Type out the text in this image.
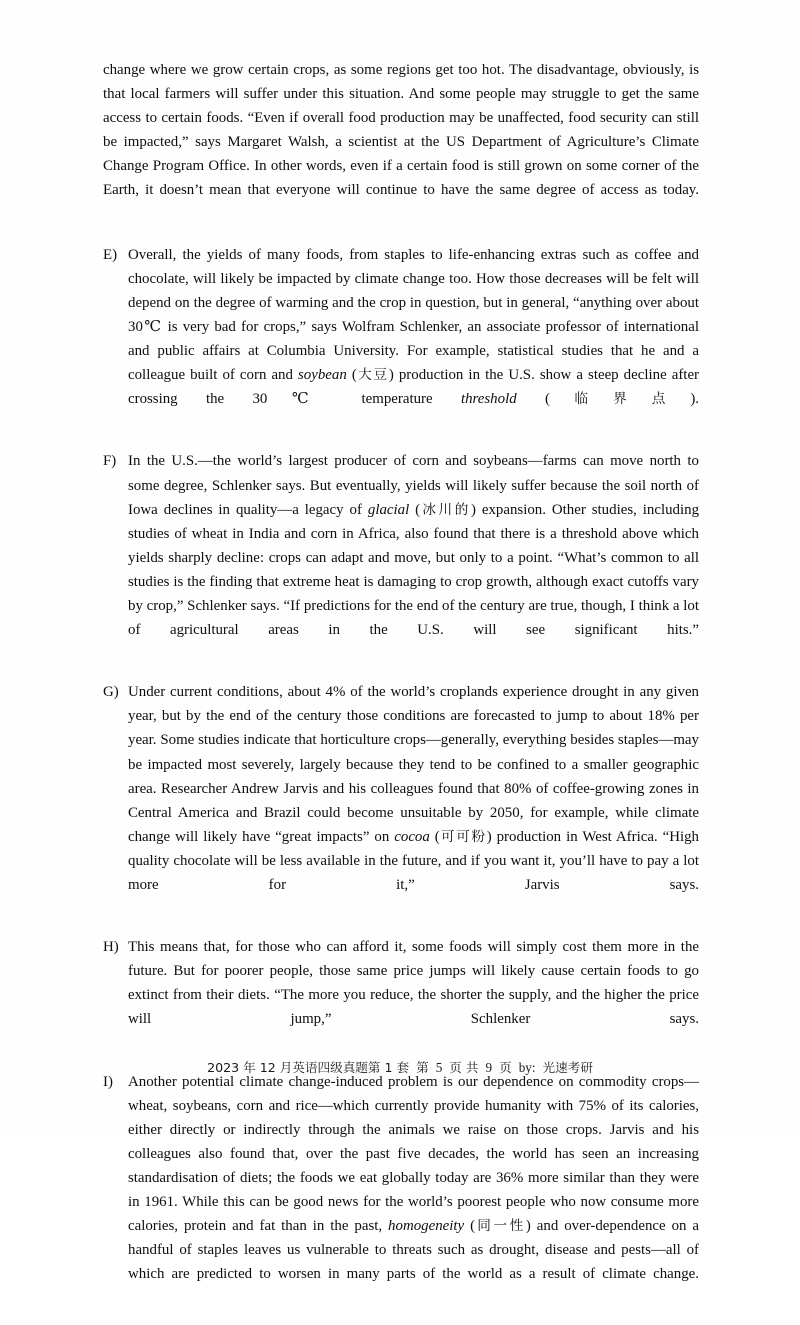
change where we grow certain crops, as some regions get too hot. The disadvantage, obviously, is that local farmers will suffer under this situation. And some people may struggle to get the same access to certain foods. “Even if overall food production may be unaffected, food security can still be impacted,” says Margaret Walsh, a scientist at the US Department of Agriculture’s Climate Change Program Office. In other words, even if a certain food is still grown on some corner of the Earth, it doesn’t mean that everyone will continue to have the same degree of access as today.
E) Overall, the yields of many foods, from staples to life-enhancing extras such as coffee and chocolate, will likely be impacted by climate change too. How those decreases will be felt will depend on the degree of warming and the crop in question, but in general, “anything over about 30℃ is very bad for crops,” says Wolfram Schlenker, an associate professor of international and public affairs at Columbia University. For example, statistical studies that he and a colleague built of corn and soybean (大豆) production in the U.S. show a steep decline after crossing the 30℃ temperature threshold (临界点).
F) In the U.S.—the world’s largest producer of corn and soybeans—farms can move north to some degree, Schlenker says. But eventually, yields will likely suffer because the soil north of Iowa declines in quality—a legacy of glacial (冰川的) expansion. Other studies, including studies of wheat in India and corn in Africa, also found that there is a threshold above which yields sharply decline: crops can adapt and move, but only to a point. “What’s common to all studies is the finding that extreme heat is damaging to crop growth, although exact cutoffs vary by crop,” Schlenker says. “If predictions for the end of the century are true, though, I think a lot of agricultural areas in the U.S. will see significant hits.”
G) Under current conditions, about 4% of the world’s croplands experience drought in any given year, but by the end of the century those conditions are forecasted to jump to about 18% per year. Some studies indicate that horticulture crops—generally, everything besides staples—may be impacted most severely, largely because they tend to be confined to a smaller geographic area. Researcher Andrew Jarvis and his colleagues found that 80% of coffee-growing zones in Central America and Brazil could become unsuitable by 2050, for example, while climate change will likely have “great impacts” on cocoa (可可粉) production in West Africa. “High quality chocolate will be less available in the future, and if you want it, you’ll have to pay a lot more for it,” Jarvis says.
H) This means that, for those who can afford it, some foods will simply cost them more in the future. But for poorer people, those same price jumps will likely cause certain foods to go extinct from their diets. “The more you reduce, the shorter the supply, and the higher the price will jump,” Schlenker says.
I)	Another potential climate change-induced problem is our dependence on commodity crops—wheat, soybeans, corn and rice—which currently provide humanity with 75% of its calories, either directly or indirectly through the animals we raise on those crops. Jarvis and his colleagues also found that, over the past five decades, the world has seen an increasing standardisation of diets; the foods we eat globally today are 36% more similar than they were in 1961. While this can be good news for the world’s poorest people who now consume more calories, protein and fat than in the past, homogeneity (同一性) and over-dependence on a handful of staples leaves us vulnerable to threats such as drought, disease and pests—all of which are predicted to worsen in many parts of the world as a result of climate change.
2023 年 12 月英语四级真题第 1 套 第 5 页 共 9 页 by: 光速考研
